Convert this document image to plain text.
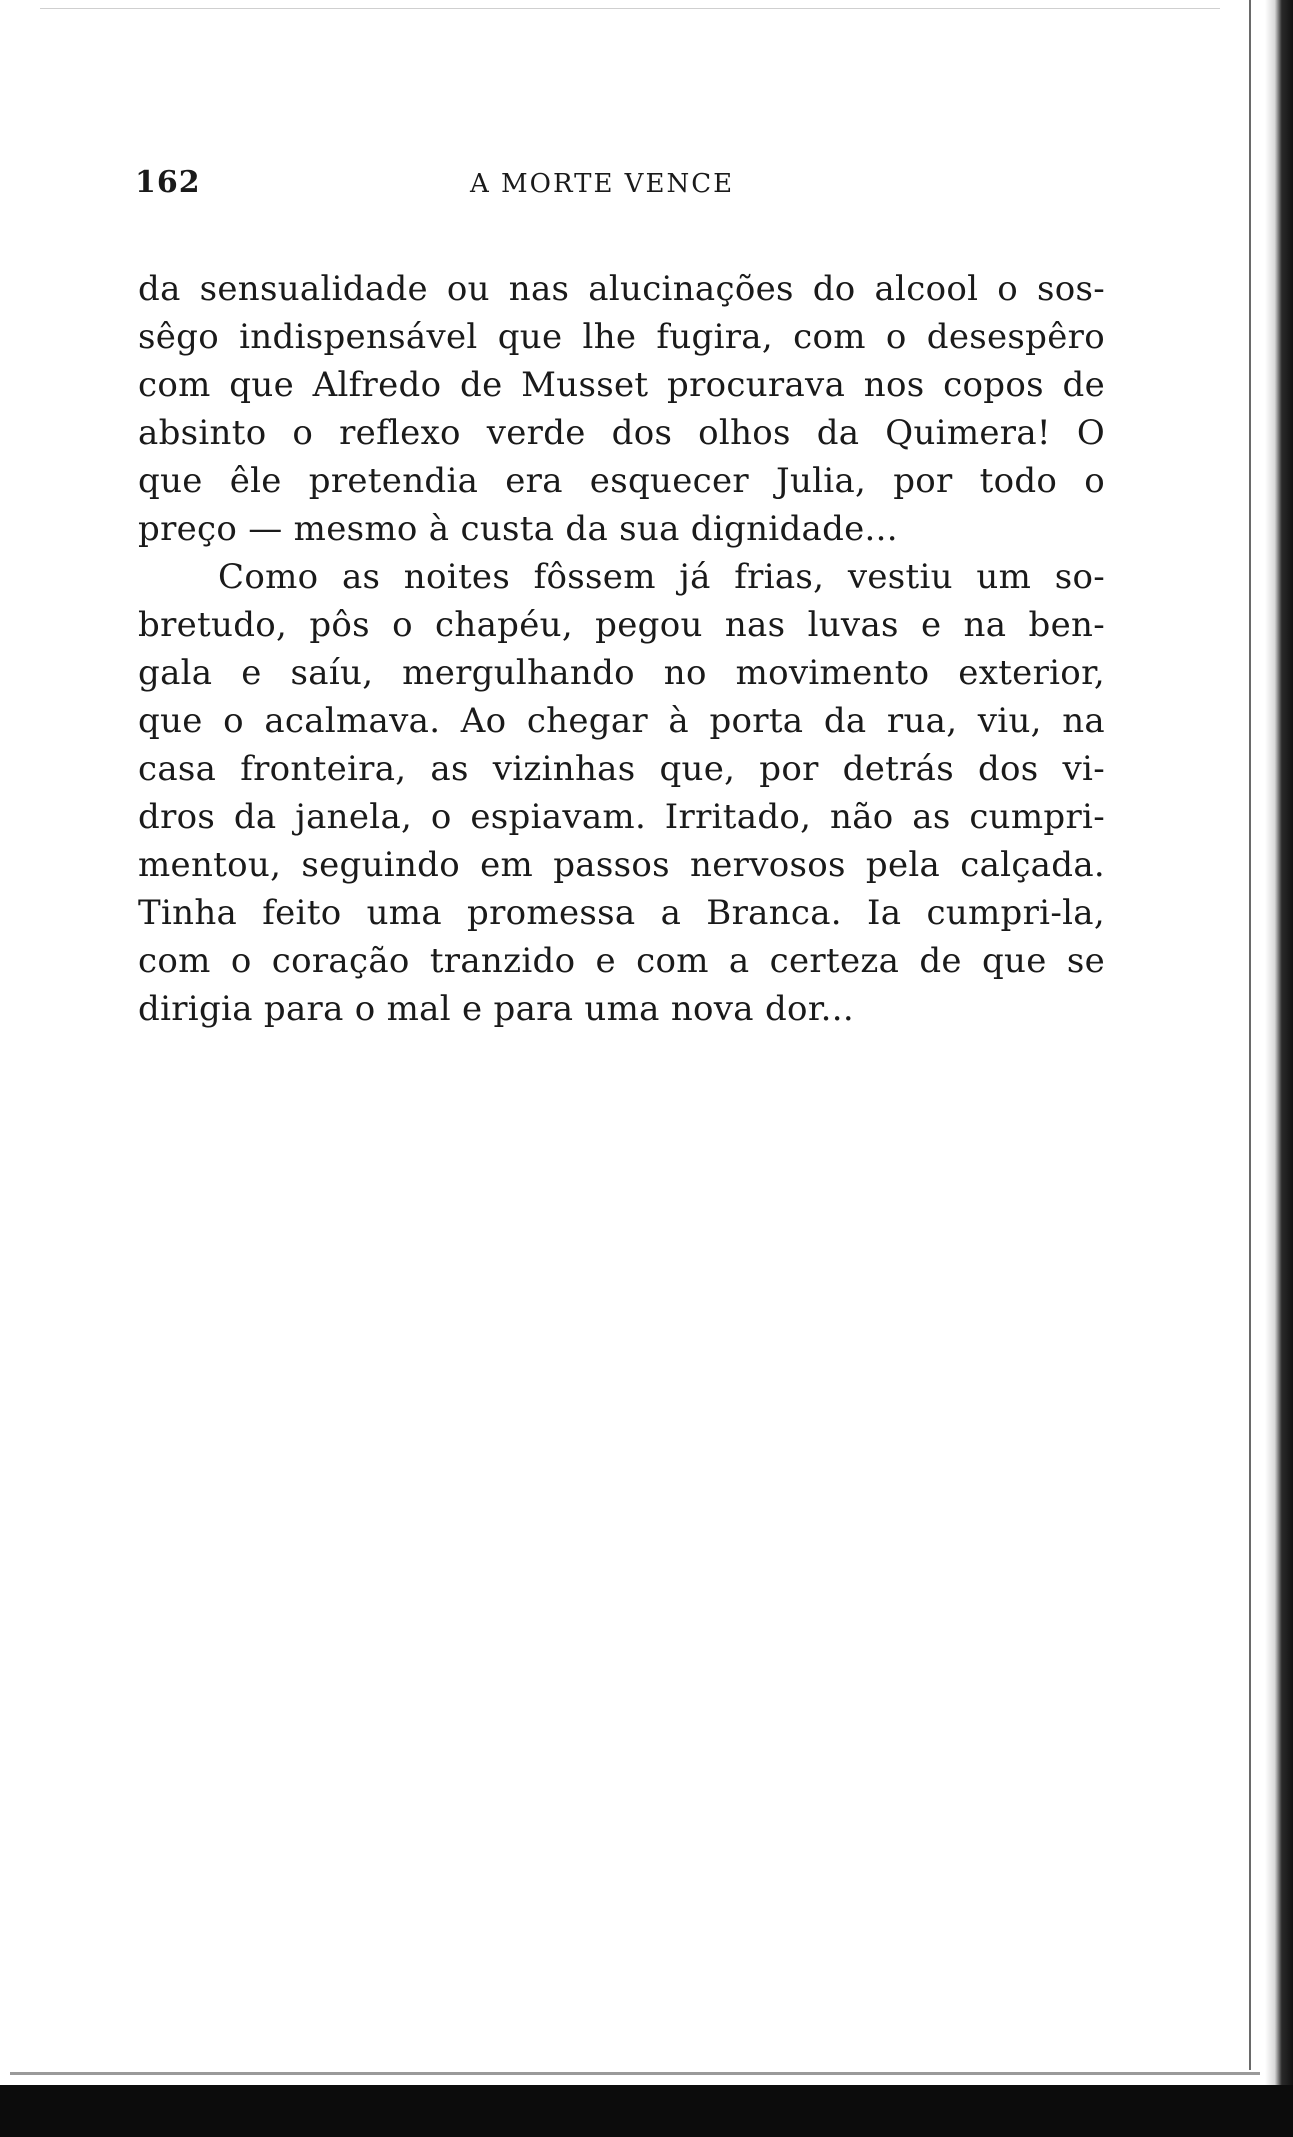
162	A MORTE VENCE
da sensualidade ou nas alucinações do alcool o sos-
sêgo indispensável que lhe fugira, com o desespêro
com que Alfredo de Musset procurava nos copos de
absinto o reflexo verde dos olhos da Quimera! O
que êle pretendia era esquecer Julia, por todo o
preço — mesmo à custa da sua dignidade...
Como as noites fôssem já frias, vestiu um so-
bretudo, pôs o chapéu, pegou nas luvas e na ben-
gala e saíu, mergulhando no movimento exterior,
que o acalmava. Ao chegar à porta da rua, viu, na
casa fronteira, as vizinhas que, por detrás dos vi-
dros da janela, o espiavam. Irritado, não as cumpri-
mentou, seguindo em passos nervosos pela calçada.
Tinha feito uma promessa a Branca. Ia cumpri-la,
com o coração tranzido e com a certeza de que se
dirigia para o mal e para uma nova dor...
